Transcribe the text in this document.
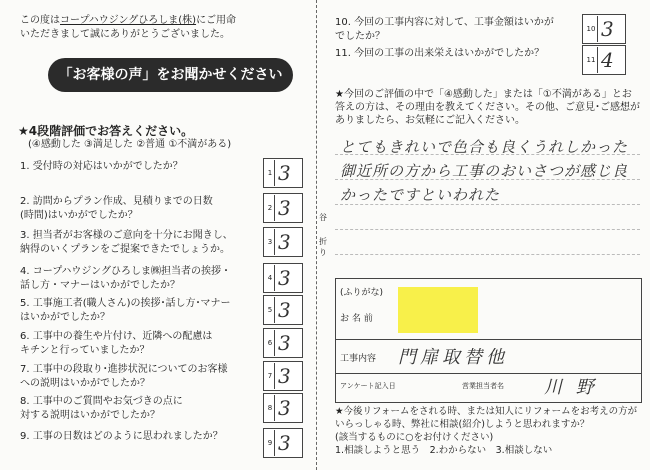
この度はコープハウジングひろしま(株)にご用命
いただきまして誠にありがとうございました。
「お客様の声」をお聞かせください
★4段階評価でお答えください。
(④感動した ③満足した ②普通 ①不満がある)
1. 受付時の対応はいかがでしたか？
1 3
2. 訪問からプラン作成、見積りまでの日数
(時間)はいかがでしたか？
2 3
3. 担当者がお客様のご意向を十分にお聞きし、
納得のいくプランをご提案できたでしょうか。
3 3
4. コープハウジングひろしま㈱担当者の挨拶・
話し方・マナーはいかがでしたか？
4 3
5. 工事施工者(職人さん)の挨拶･話し方･マナー
はいかがでしたか？
5 3
6. 工事中の養生や片付け、近隣への配慮は
キチンと行っていましたか？
6 3
7. 工事中の段取り･進捗状況についてのお客様
への説明はいかがでしたか？
7 3
8. 工事中のご質問やお気づきの点に
対する説明はいかがでしたか？
8 3
9. 工事の日数はどのように思われましたか？
9 3
谷
折り
10. 今回の工事内容に対して、工事金額はいかが
でしたか？
10 3
11. 今回の工事の出来栄えはいかがでしたか？
11 4
★今回のご評価の中で「④感動した」または「①不満がある」とお答えの方は、その理由を教えてください。その他、ご意見･ご感想がありましたら、お気軽にご記入ください。
とてもきれいで色合も良くうれしかった
御近所の方から工事のおいさつが感じ良
かったですといわれた
(ふりがな)
お 名 前
工事内容 門扉取替他
アンケート記入日	営業担当者名 川 野
★今後リフォームをされる時、または知人にリフォームをお考えの方がいらっしゃる時、弊社に相談(紹介)しようと思われますか？
(該当するものに○をお付けください)
1.相談しようと思う　2.わからない　3.相談しない
